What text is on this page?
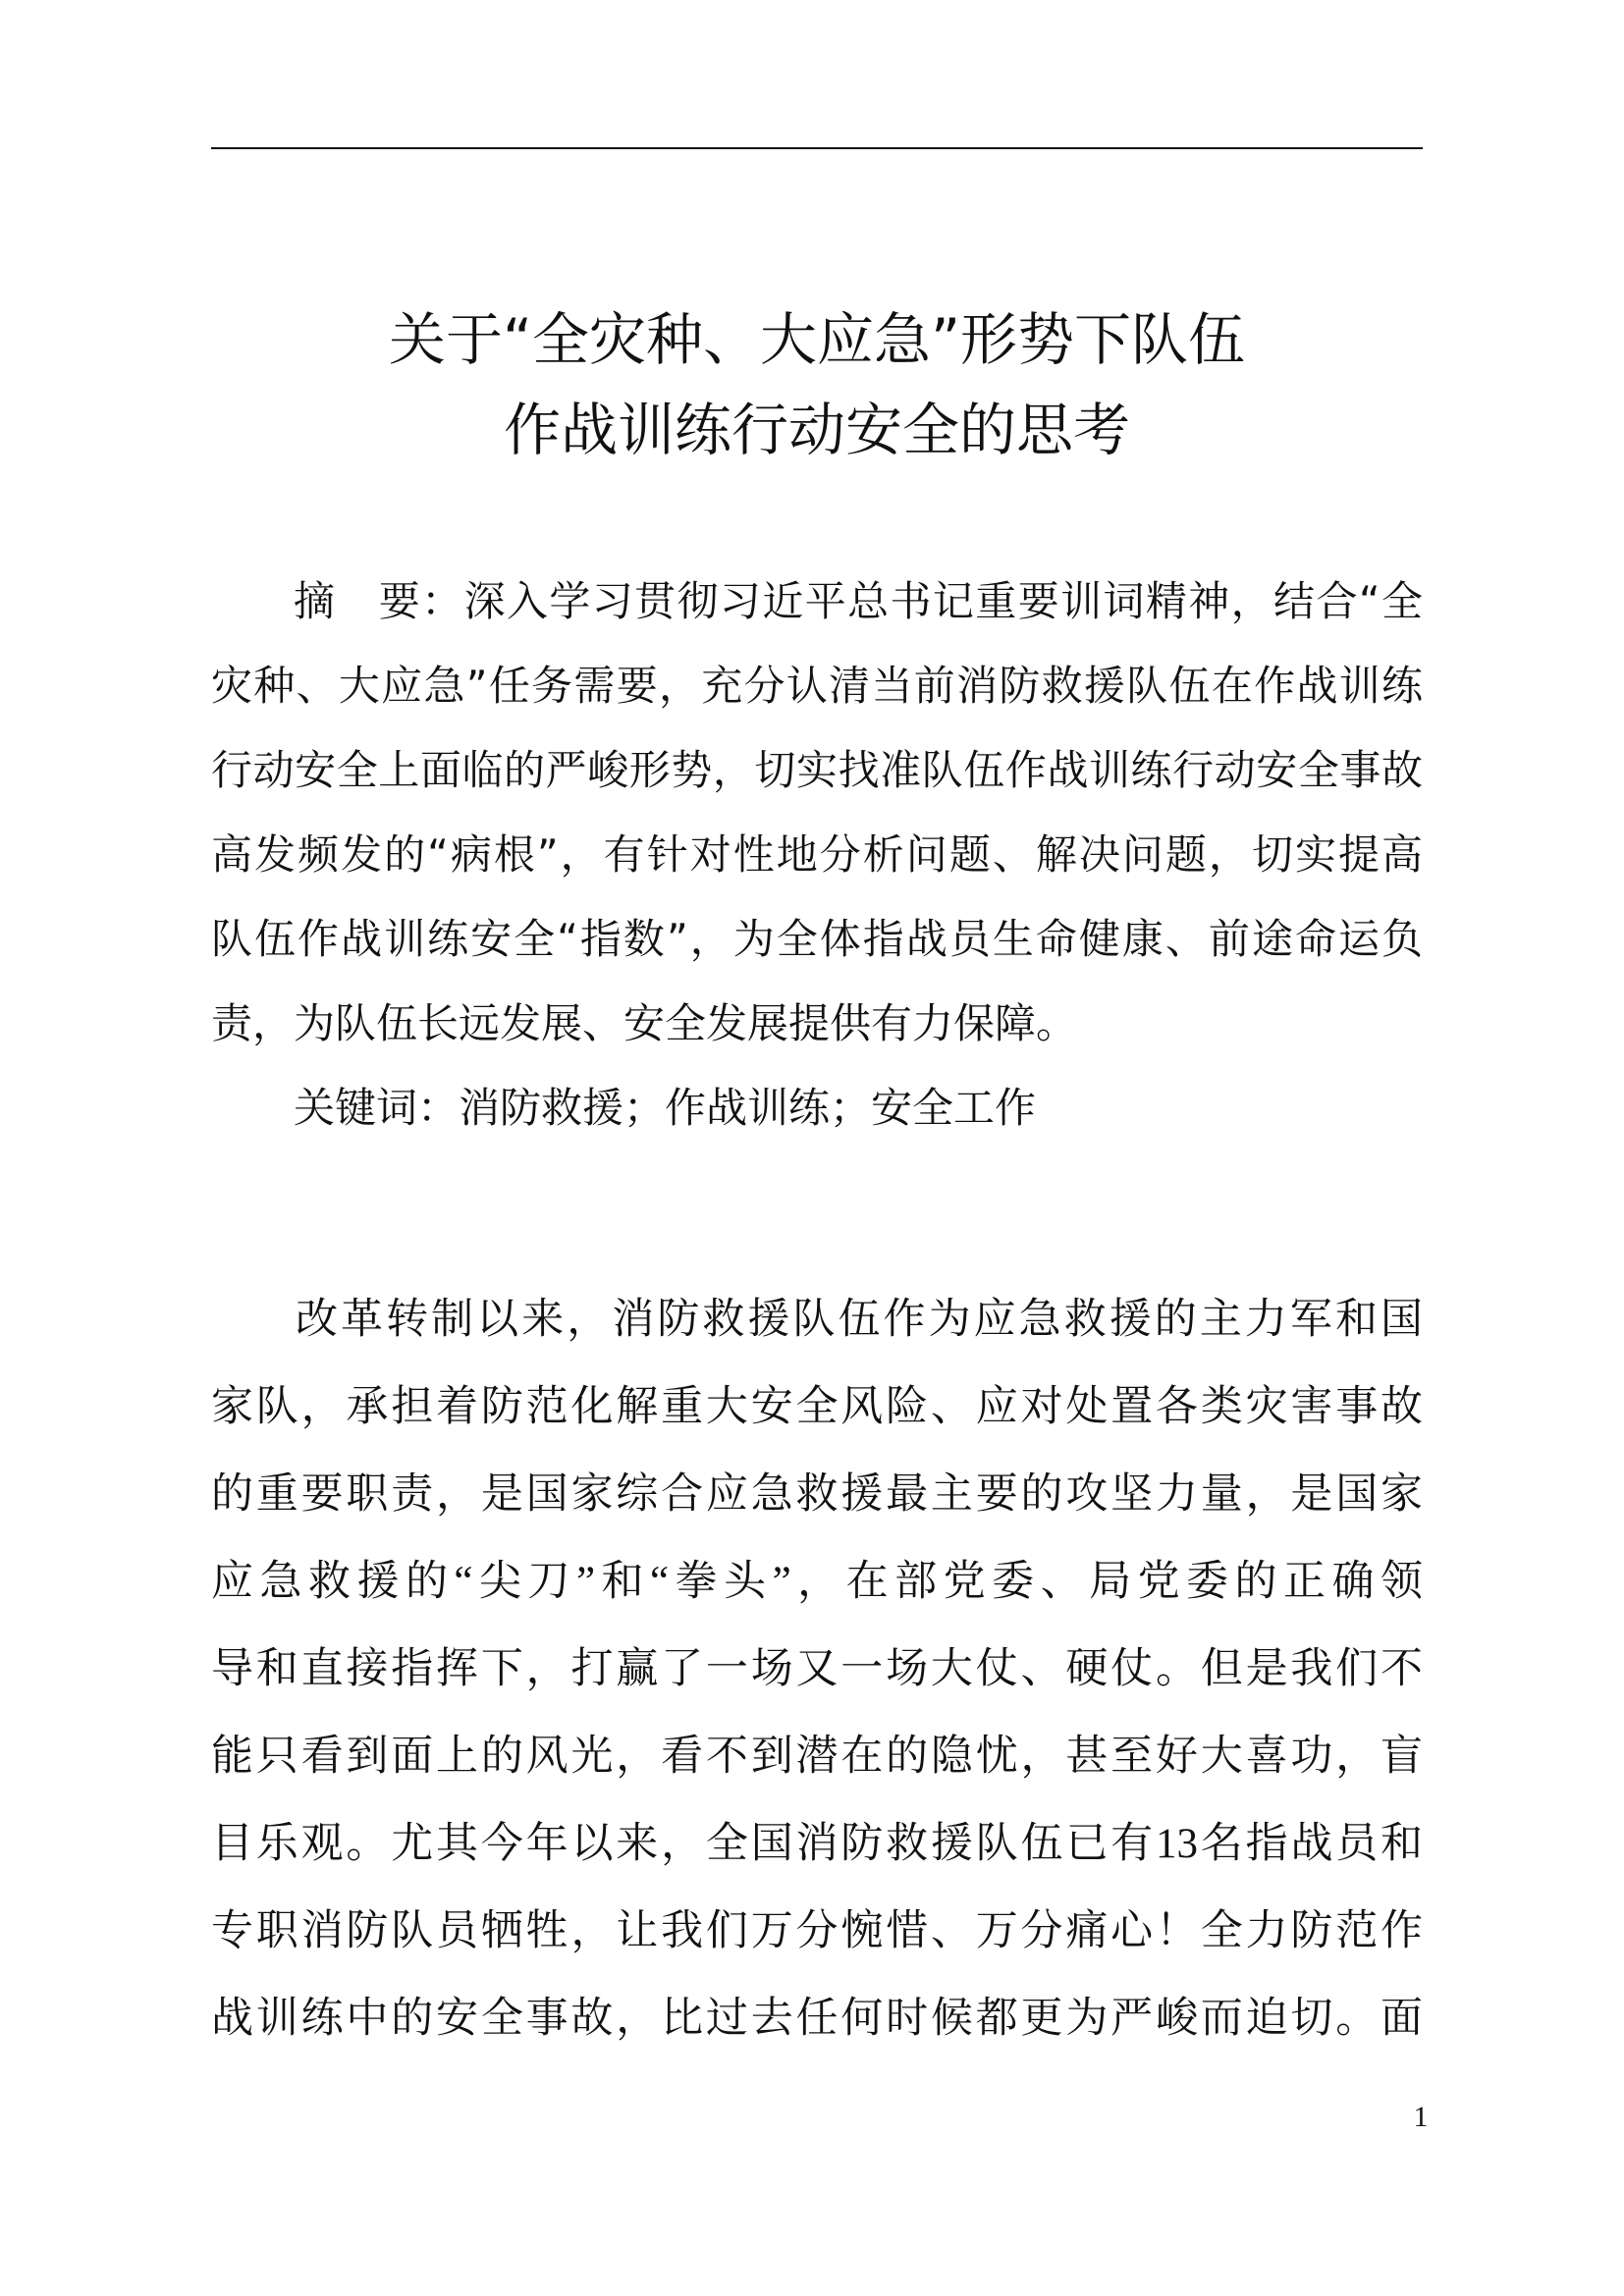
关于“全灾种、大应急”形势下队伍
作战训练行动安全的思考
摘　要：深入学习贯彻习近平总书记重要训词精神，结合“全
灾种、大应急”任务需要，充分认清当前消防救援队伍在作战训练
行动安全上面临的严峻形势，切实找准队伍作战训练行动安全事故
高发频发的“病根”，有针对性地分析问题、解决问题，切实提高
队伍作战训练安全“指数”，为全体指战员生命健康、前途命运负
责，为队伍长远发展、安全发展提供有力保障。
关键词：消防救援；作战训练；安全工作
改革转制以来，消防救援队伍作为应急救援的主力军和国
家队，承担着防范化解重大安全风险、应对处置各类灾害事故
的重要职责，是国家综合应急救援最主要的攻坚力量，是国家
应急救援的“尖刀”和“拳头”，在部党委、局党委的正确领
导和直接指挥下，打赢了一场又一场大仗、硬仗。但是我们不
能只看到面上的风光，看不到潜在的隐忧，甚至好大喜功，盲
目乐观。尤其今年以来，全国消防救援队伍已有13名指战员和
专职消防队员牺牲，让我们万分惋惜、万分痛心！全力防范作
战训练中的安全事故，比过去任何时候都更为严峻而迫切。面
1
